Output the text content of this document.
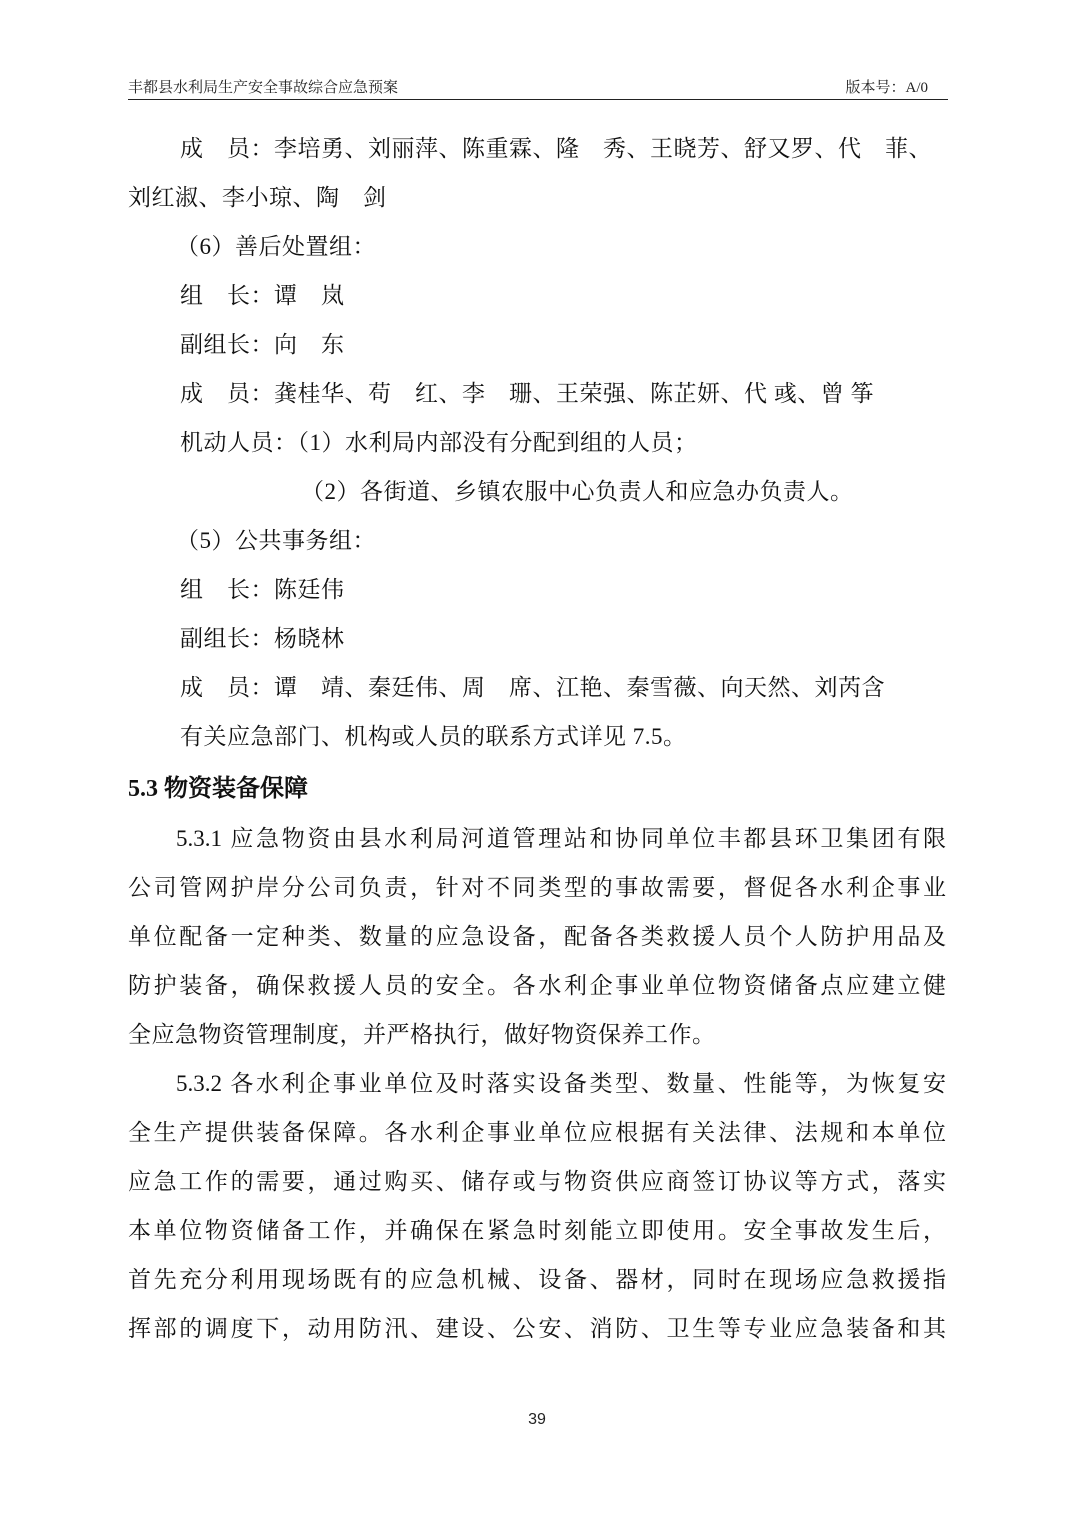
丰都县水利局生产安全事故综合应急预案	版本号：A/0
成　员：李培勇、刘丽萍、陈重霖、隆　秀、王晓芳、舒又罗、代　菲、
刘红淑、李小琼、陶　剑
（6）善后处置组：
组　长：谭　岚
副组长：向　东
成　员：龚桂华、苟　红、李　珊、王荣强、陈芷妍、代 彧、曾 筝
机动人员：（1）水利局内部没有分配到组的人员；
（2）各街道、乡镇农服中心负责人和应急办负责人。
（5）公共事务组：
组　长：陈廷伟
副组长：杨晓林
成　员：谭　靖、秦廷伟、周　席、江艳、秦雪薇、向天然、刘芮含
有关应急部门、机构或人员的联系方式详见 7.5。
5.3 物资装备保障
5.3.1 应急物资由县水利局河道管理站和协同单位丰都县环卫集团有限
公司管网护岸分公司负责，针对不同类型的事故需要，督促各水利企事业
单位配备一定种类、数量的应急设备，配备各类救援人员个人防护用品及
防护装备，确保救援人员的安全。各水利企事业单位物资储备点应建立健
全应急物资管理制度，并严格执行，做好物资保养工作。
5.3.2 各水利企事业单位及时落实设备类型、数量、性能等，为恢复安
全生产提供装备保障。各水利企事业单位应根据有关法律、法规和本单位
应急工作的需要，通过购买、储存或与物资供应商签订协议等方式，落实
本单位物资储备工作，并确保在紧急时刻能立即使用。安全事故发生后，
首先充分利用现场既有的应急机械、设备、器材，同时在现场应急救援指
挥部的调度下，动用防汛、建设、公安、消防、卫生等专业应急装备和其
39
